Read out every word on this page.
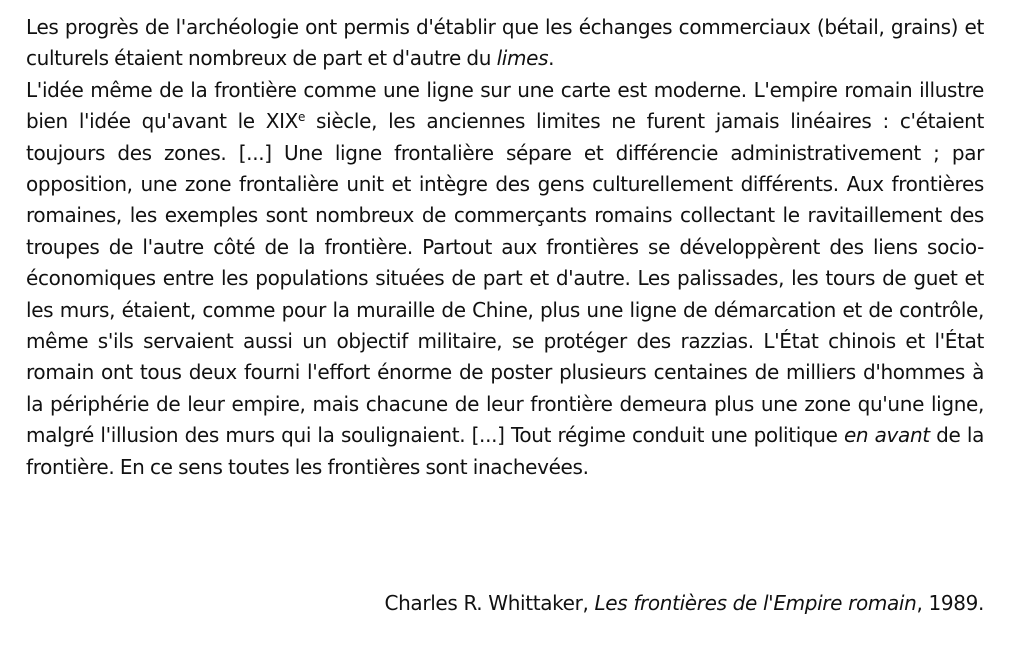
Les progrès de l'archéologie ont permis d'établir que les échanges commerciaux (bétail, grains) et culturels étaient nombreux de part et d'autre du limes.

L'idée même de la frontière comme une ligne sur une carte est moderne. L'empire romain illustre bien l'idée qu'avant le XIXe siècle, les anciennes limites ne furent jamais linéaires : c'étaient toujours des zones. [...] Une ligne frontalière sépare et différencie administrativement ; par opposition, une zone frontalière unit et intègre des gens culturellement différents. Aux frontières romaines, les exemples sont nombreux de commerçants romains collectant le ravitaillement des troupes de l'autre côté de la frontière. Partout aux frontières se développèrent des liens socio-économiques entre les populations situées de part et d'autre. Les palissades, les tours de guet et les murs, étaient, comme pour la muraille de Chine, plus une ligne de démarcation et de contrôle, même s'ils servaient aussi un objectif militaire, se protéger des razzias. L'État chinois et l'État romain ont tous deux fourni l'effort énorme de poster plusieurs centaines de milliers d'hommes à la périphérie de leur empire, mais chacune de leur frontière demeura plus une zone qu'une ligne, malgré l'illusion des murs qui la soulignaient. [...] Tout régime conduit une politique en avant de la frontière. En ce sens toutes les frontières sont inachevées.

Charles R. Whittaker, Les frontières de l'Empire romain, 1989.
